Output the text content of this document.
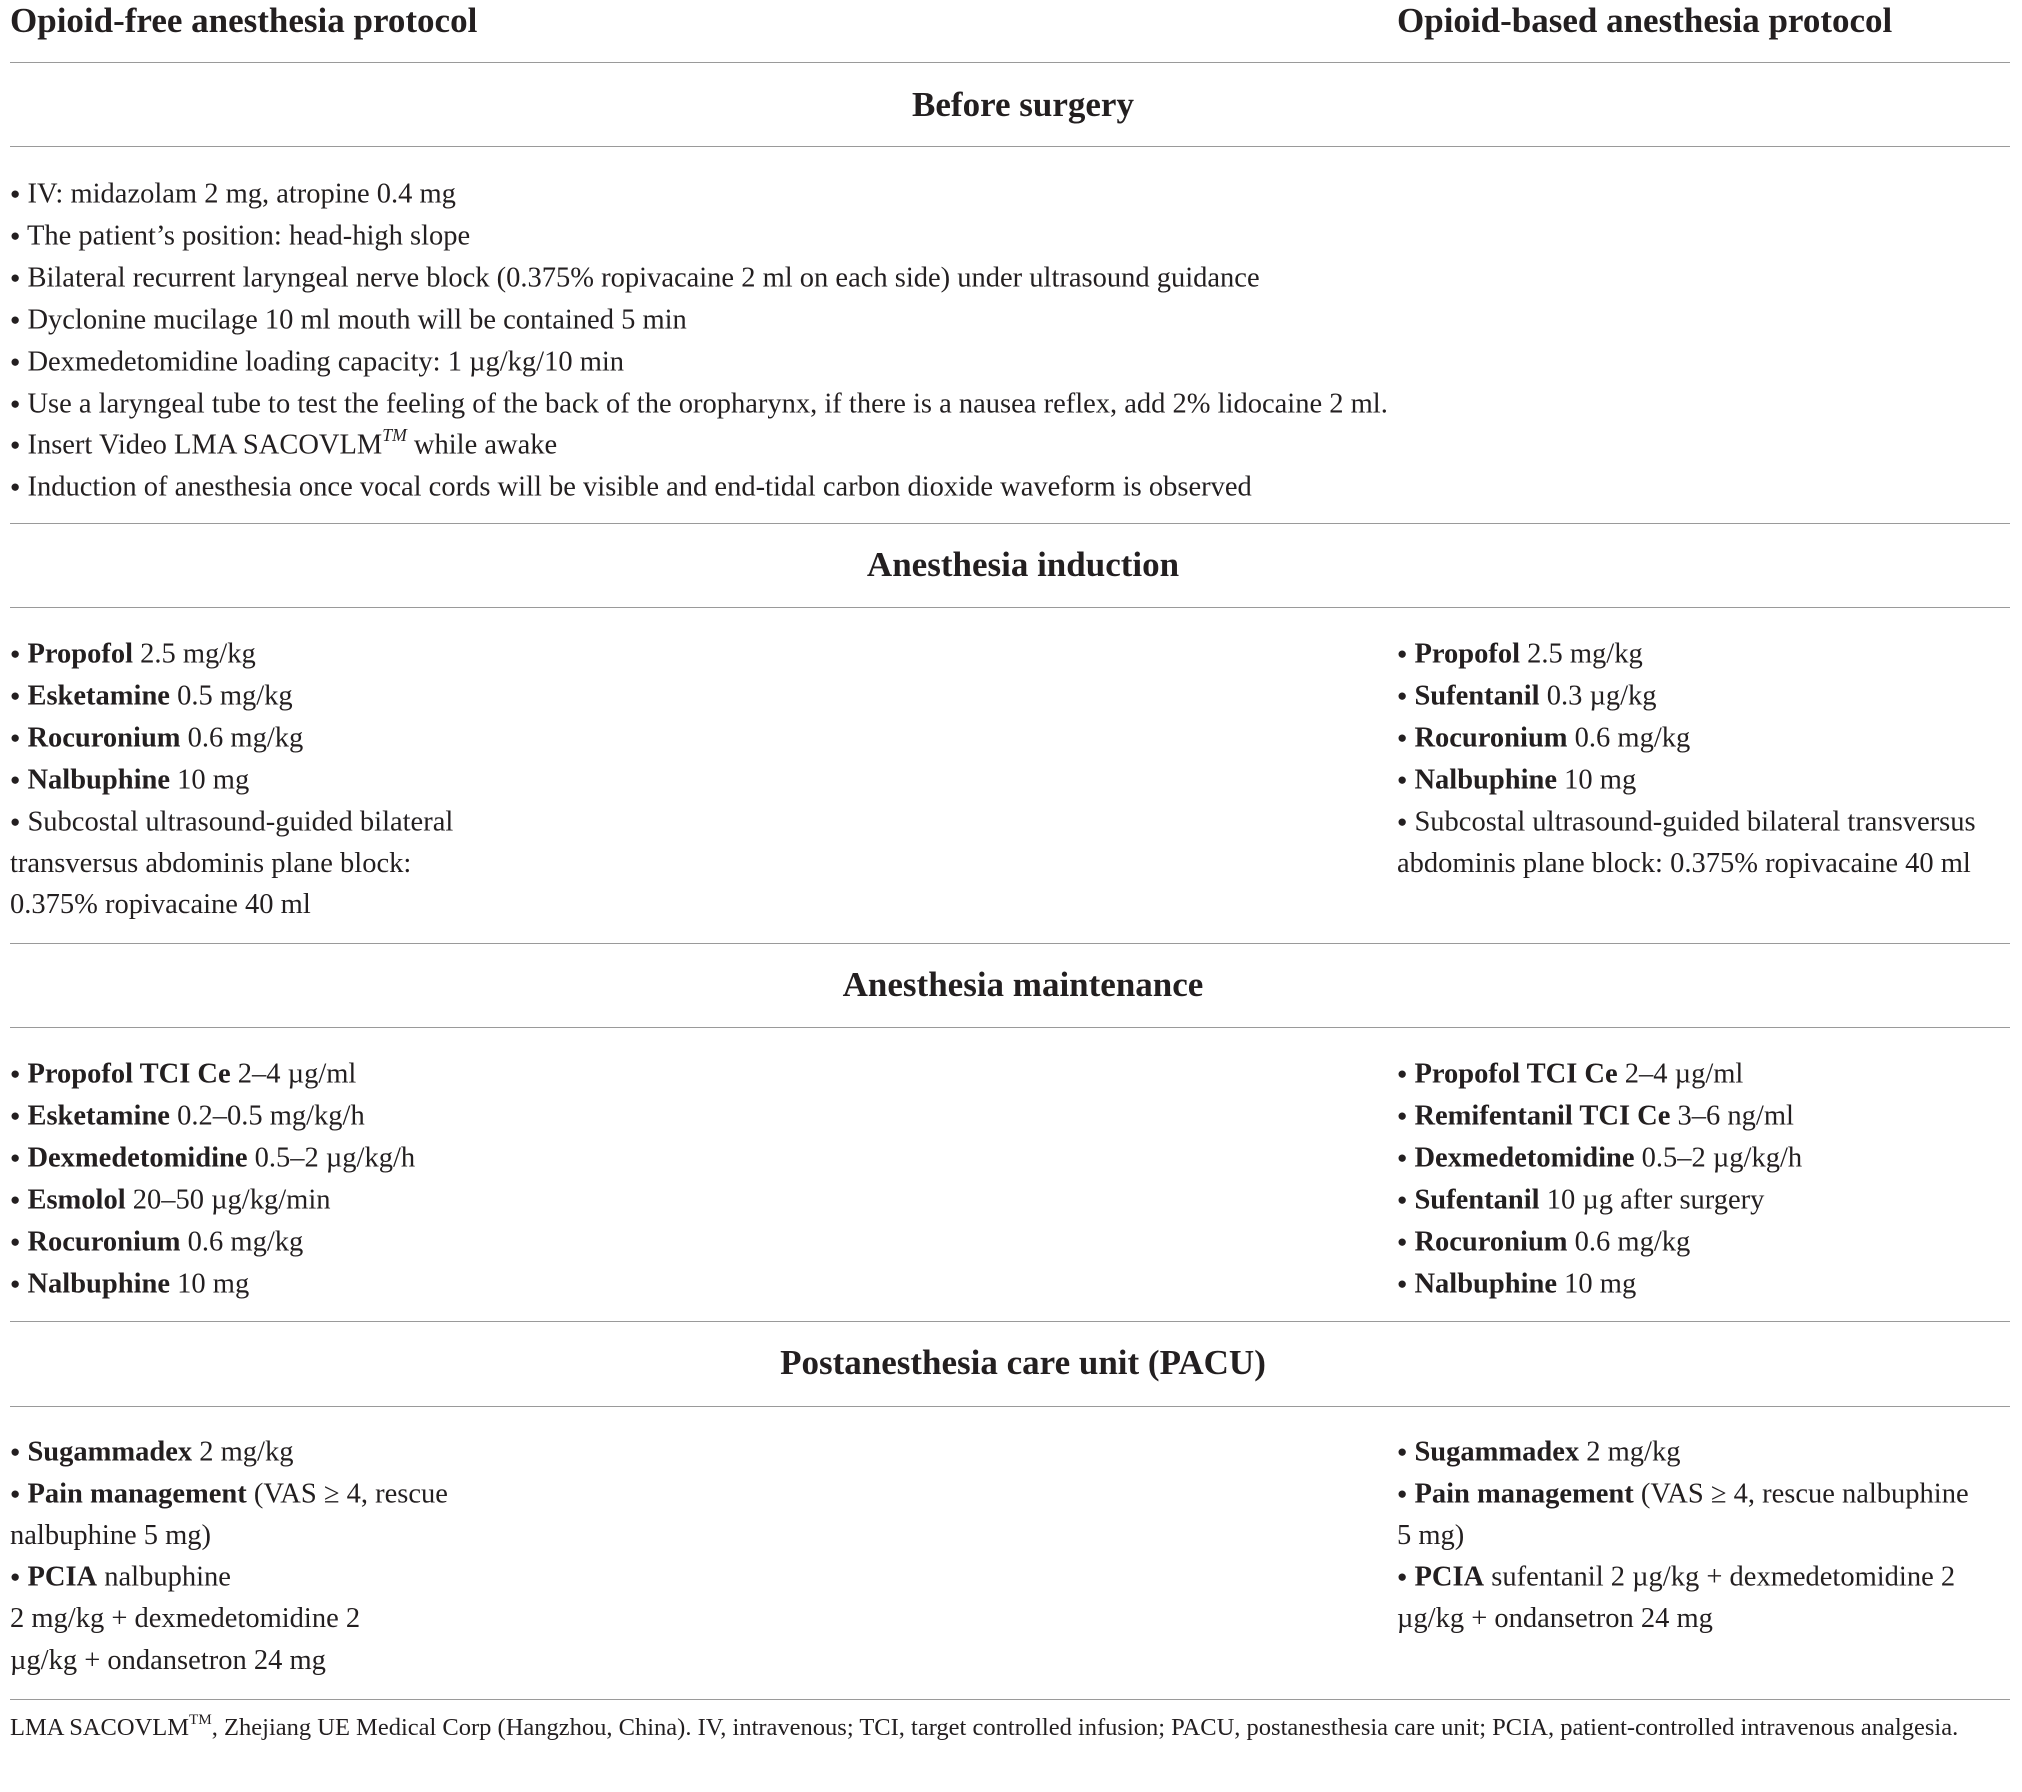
Opioid-free anesthesia protocol	Opioid-based anesthesia protocol
Before surgery
● IV: midazolam 2 mg, atropine 0.4 mg
● The patient’s position: head-high slope
● Bilateral recurrent laryngeal nerve block (0.375% ropivacaine 2 ml on each side) under ultrasound guidance
● Dyclonine mucilage 10 ml mouth will be contained 5 min
● Dexmedetomidine loading capacity: 1 µg/kg/10 min
● Use a laryngeal tube to test the feeling of the back of the oropharynx, if there is a nausea reflex, add 2% lidocaine 2 ml.
● Insert Video LMA SACOVLM™ while awake
● Induction of anesthesia once vocal cords will be visible and end-tidal carbon dioxide waveform is observed
Anesthesia induction
● Propofol 2.5 mg/kg
● Esketamine 0.5 mg/kg
● Rocuronium 0.6 mg/kg
● Nalbuphine 10 mg
● Subcostal ultrasound-guided bilateral
transversus abdominis plane block:
0.375% ropivacaine 40 ml
● Propofol 2.5 mg/kg
● Sufentanil 0.3 µg/kg
● Rocuronium 0.6 mg/kg
● Nalbuphine 10 mg
● Subcostal ultrasound-guided bilateral transversus
abdominis plane block: 0.375% ropivacaine 40 ml
Anesthesia maintenance
● Propofol TCI Ce 2–4 µg/ml
● Esketamine 0.2–0.5 mg/kg/h
● Dexmedetomidine 0.5–2 µg/kg/h
● Esmolol 20–50 µg/kg/min
● Rocuronium 0.6 mg/kg
● Nalbuphine 10 mg
● Propofol TCI Ce 2–4 µg/ml
● Remifentanil TCI Ce 3–6 ng/ml
● Dexmedetomidine 0.5–2 µg/kg/h
● Sufentanil 10 µg after surgery
● Rocuronium 0.6 mg/kg
● Nalbuphine 10 mg
Postanesthesia care unit (PACU)
● Sugammadex 2 mg/kg
● Pain management (VAS ≥ 4, rescue
nalbuphine 5 mg)
● PCIA nalbuphine
2 mg/kg + dexmedetomidine 2
µg/kg + ondansetron 24 mg
● Sugammadex 2 mg/kg
● Pain management (VAS ≥ 4, rescue nalbuphine
5 mg)
● PCIA sufentanil 2 µg/kg + dexmedetomidine 2
µg/kg + ondansetron 24 mg
LMA SACOVLM™, Zhejiang UE Medical Corp (Hangzhou, China). IV, intravenous; TCI, target controlled infusion; PACU, postanesthesia care unit; PCIA, patient-controlled intravenous analgesia.
